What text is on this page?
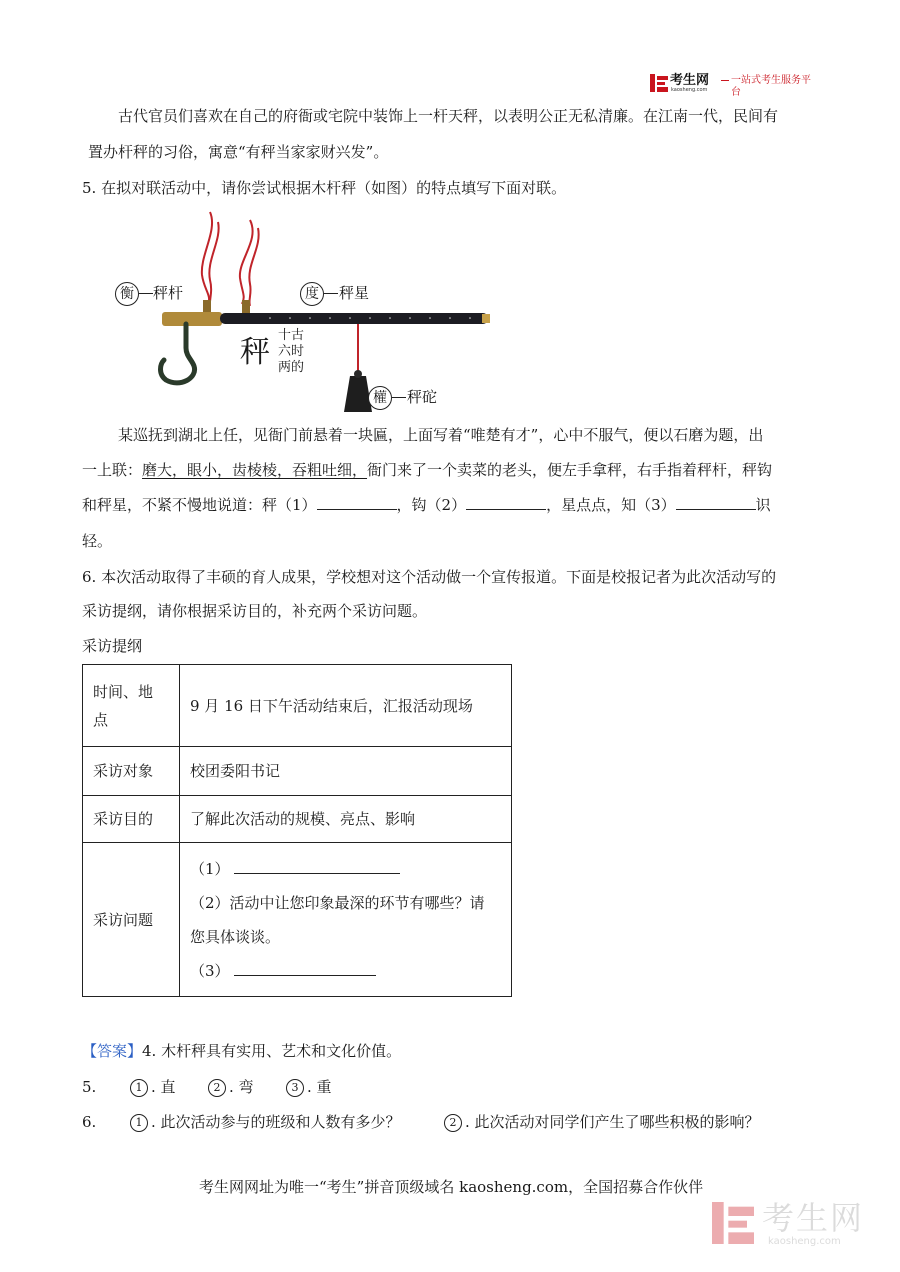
考生网
kaosheng.com
一站式考生服务平台
古代官员们喜欢在自己的府衙或宅院中装饰上一杆天秤，以表明公正无私清廉。在江南一代，民间有
置办杆秤的习俗，寓意“有秤当家家财兴发”。
5. 在拟对联活动中，请你尝试根据木杆秤（如图）的特点填写下面对联。
衡	秤杆	度	秤星
秤 十古
六时
两的
權	秤砣
某巡抚到湖北上任，见衙门前悬着一块匾，上面写着“唯楚有才”，心中不服气，便以石磨为题，出
一上联：磨大，眼小，齿棱棱，吞粗吐细，衙门来了一个卖菜的老头，便左手拿秤，右手指着秤杆，秤钩
和秤星，不紧不慢地说道：秤（1）	，钩（2）	，星点点，知（3）	识
轻。
6. 本次活动取得了丰硕的育人成果，学校想对这个活动做一个宣传报道。下面是校报记者为此次活动写的
采访提纲，请你根据采访目的，补充两个采访问题。
采访提纲
时间、地
点	9 月 16 日下午活动结束后，汇报活动现场
采访对象	校团委阳书记
采访目的	了解此次活动的规模、亮点、影响
采访问题	（1）
（2）活动中让您印象最深的环节有哪些？请
您具体谈谈。
（3）
【答案】4. 木杆秤具有实用、艺术和文化价值。
5.	1 . 直	2 . 弯	3 . 重
6.	1 . 此次活动参与的班级和人数有多少？	2 . 此次活动对同学们产生了哪些积极的影响？
考生网网址为唯一“考生”拼音顶级域名 kaosheng.com，全国招募合作伙伴
考生网
kaosheng.com
